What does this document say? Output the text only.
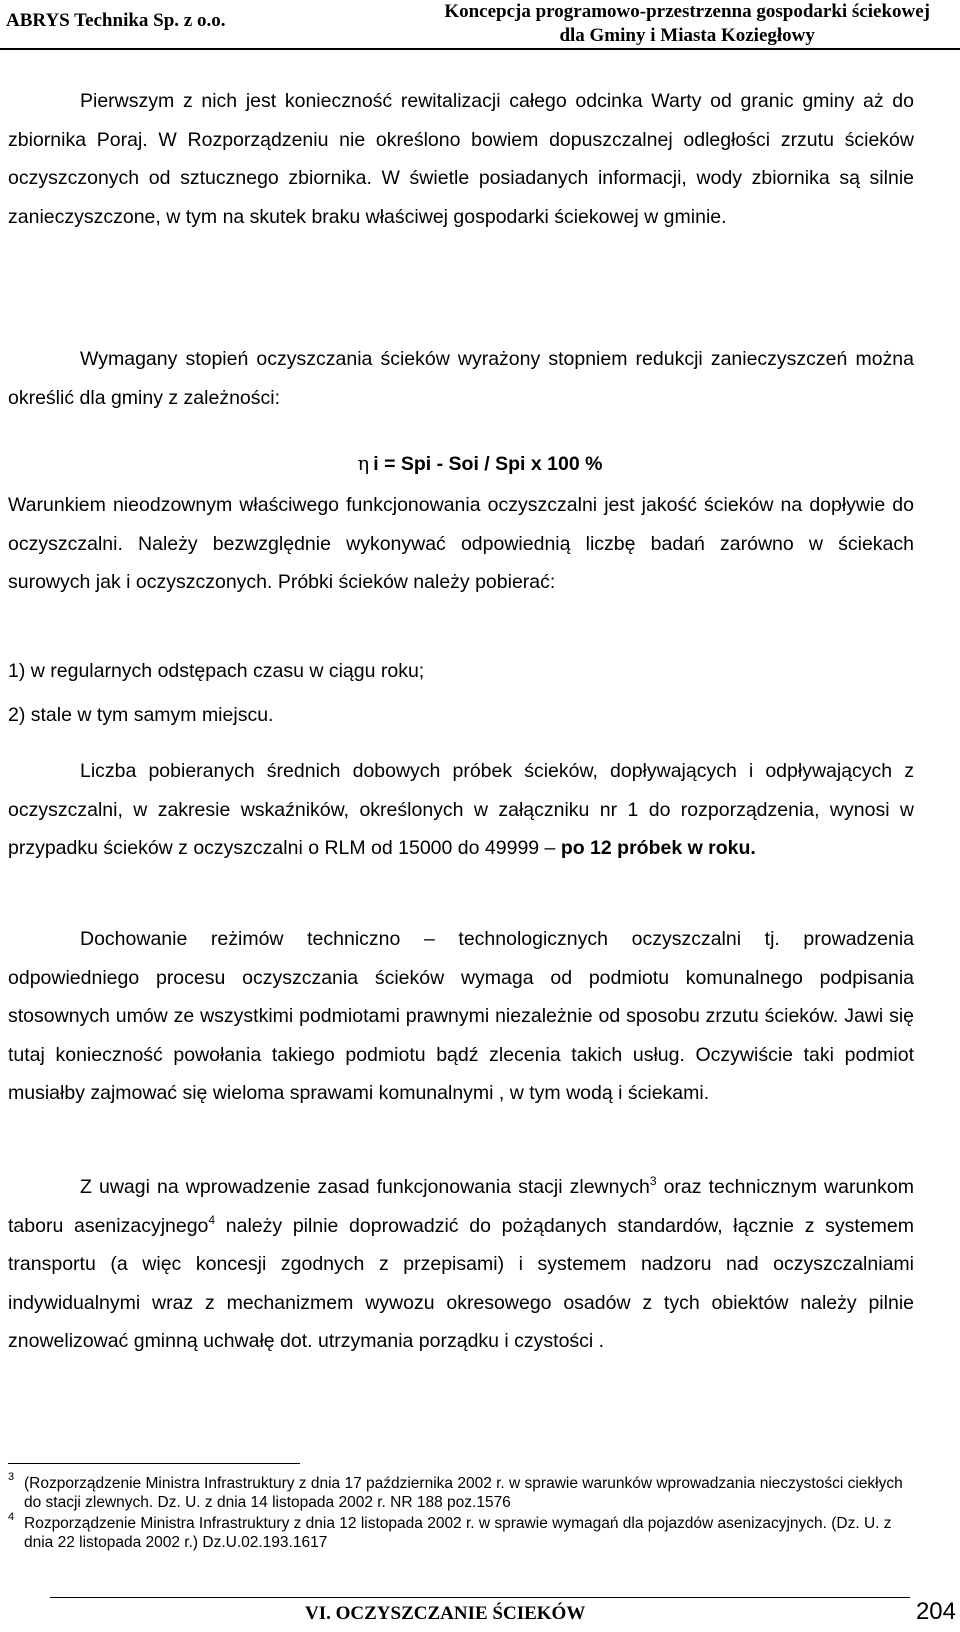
ABRYS Technika Sp. z o.o.	Koncepcja programowo-przestrzenna gospodarki ściekowej
dla Gminy i Miasta Koziegłowy
Pierwszym z nich jest konieczność rewitalizacji całego odcinka Warty od granic gminy aż do zbiornika Poraj. W Rozporządzeniu nie określono bowiem dopuszczalnej odległości zrzutu ścieków oczyszczonych od sztucznego zbiornika. W świetle posiadanych informacji, wody zbiornika są silnie zanieczyszczone, w tym na skutek braku właściwej gospodarki ściekowej w gminie.
Wymagany stopień oczyszczania ścieków wyrażony stopniem redukcji zanieczyszczeń można określić dla gminy z zależności:
η i = Spi - Soi / Spi x 100 %
Warunkiem nieodzownym właściwego funkcjonowania oczyszczalni jest jakość ścieków na dopływie do oczyszczalni. Należy bezwzględnie wykonywać odpowiednią liczbę badań zarówno w ściekach surowych jak i oczyszczonych. Próbki ścieków należy pobierać:
1) w regularnych odstępach czasu w ciągu roku;
2) stale w tym samym miejscu.
Liczba pobieranych średnich dobowych próbek ścieków, dopływających i odpływających z oczyszczalni, w zakresie wskaźników, określonych w załączniku nr 1 do rozporządzenia, wynosi w przypadku ścieków z oczyszczalni o RLM od 15000 do 49999 – po 12 próbek w roku.
Dochowanie reżimów techniczno – technologicznych oczyszczalni tj. prowadzenia odpowiedniego procesu oczyszczania ścieków wymaga od podmiotu komunalnego podpisania stosownych umów ze wszystkimi podmiotami prawnymi niezależnie od sposobu zrzutu ścieków. Jawi się tutaj konieczność powołania takiego podmiotu bądź zlecenia takich usług. Oczywiście taki podmiot musiałby zajmować się wieloma sprawami komunalnymi , w tym wodą i ściekami.
Z uwagi na wprowadzenie zasad funkcjonowania stacji zlewnych$^3$ oraz technicznym warunkom taboru asenizacyjnego$^4$ należy pilnie doprowadzić do pożądanych standardów, łącznie z systemem transportu (a więc koncesji zgodnych z przepisami) i systemem nadzoru nad oczyszczalniami indywidualnymi wraz z mechanizmem wywozu okresowego osadów z tych obiektów należy pilnie znowelizować gminną uchwałę dot. utrzymania porządku i czystości .
3 (Rozporządzenie Ministra Infrastruktury z dnia 17 października 2002 r. w sprawie warunków wprowadzania nieczystości ciekłych do stacji zlewnych. Dz. U. z dnia 14 listopada 2002 r. NR 188 poz.1576
4 Rozporządzenie Ministra Infrastruktury z dnia 12 listopada 2002 r. w sprawie wymagań dla pojazdów asenizacyjnych. (Dz. U. z dnia 22 listopada 2002 r.) Dz.U.02.193.1617
VI. OCZYSZCZANIE ŚCIEKÓW	204
